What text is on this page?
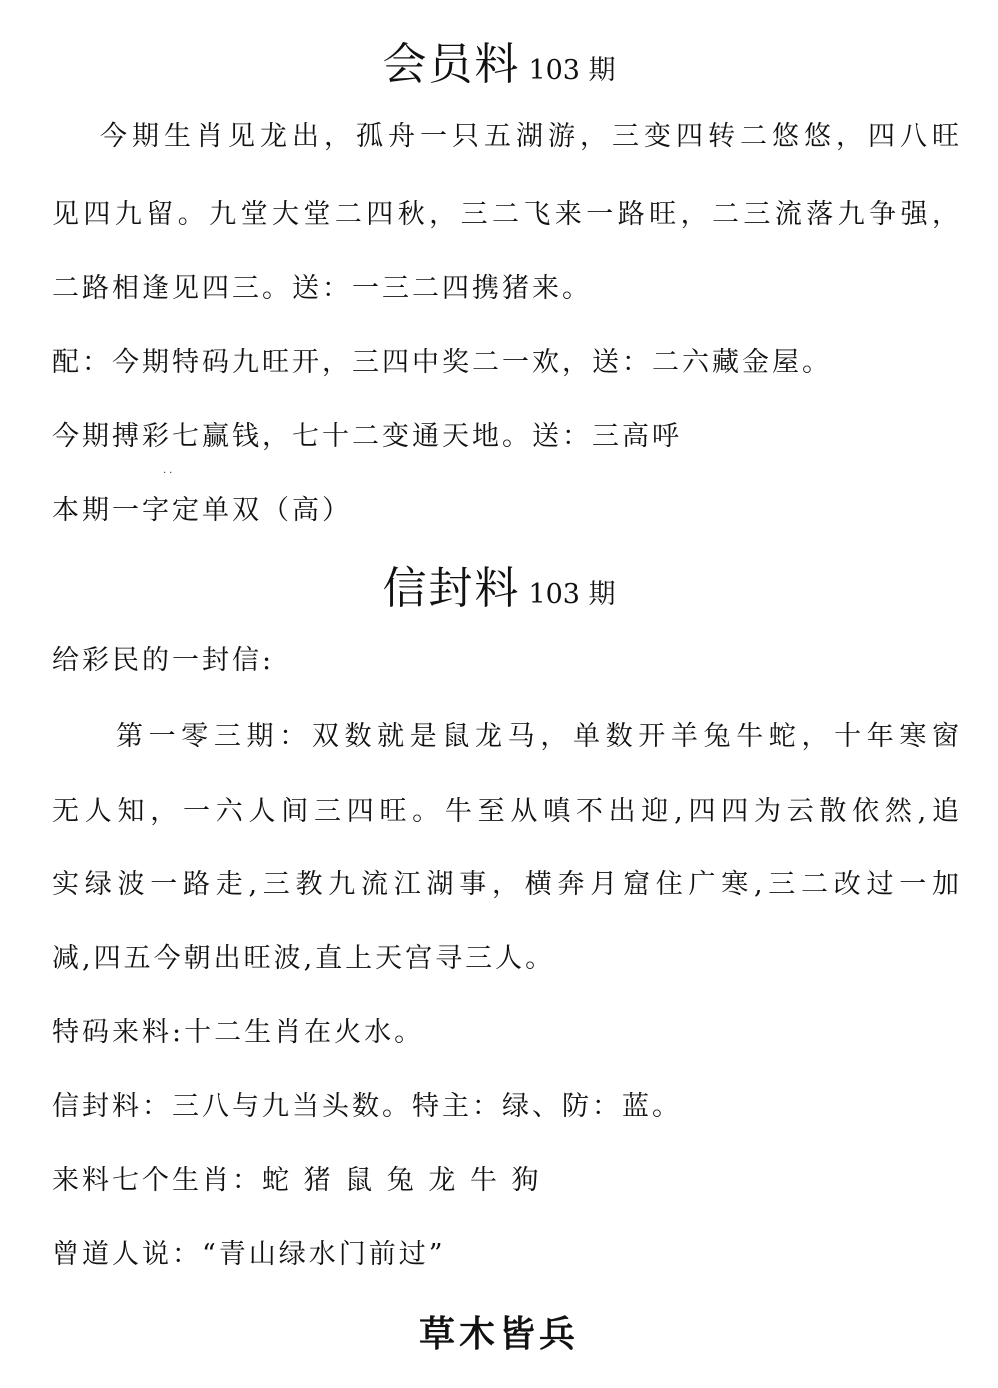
会员料 103 期
今期生肖见龙出，孤舟一只五湖游，三变四转二悠悠，四八旺
见四九留。九堂大堂二四秋，三二飞来一路旺，二三流落九争强，
二路相逢见四三。送：一三二四携猪来。
配：今期特码九旺开，三四中奖二一欢，送：二六藏金屋。
今期搏彩七赢钱，七十二变通天地。送：三高呼
··
本期一字定单双（高）
信封料 103 期
给彩民的一封信:
第一零三期：双数就是鼠龙马，单数开羊兔牛蛇，十年寒窗
无人知，一六人间三四旺。牛至从嗔不出迎,四四为云散依然,追
实绿波一路走,三教九流江湖事，横奔月窟住广寒,三二改过一加
减,四五今朝出旺波,直上天宫寻三人。
特码来料:十二生肖在火水。
信封料：三八与九当头数。特主：绿、防：蓝。
来料七个生肖：蛇 猪 鼠 兔 龙 牛 狗
曾道人说：“青山绿水门前过”
草木皆兵
